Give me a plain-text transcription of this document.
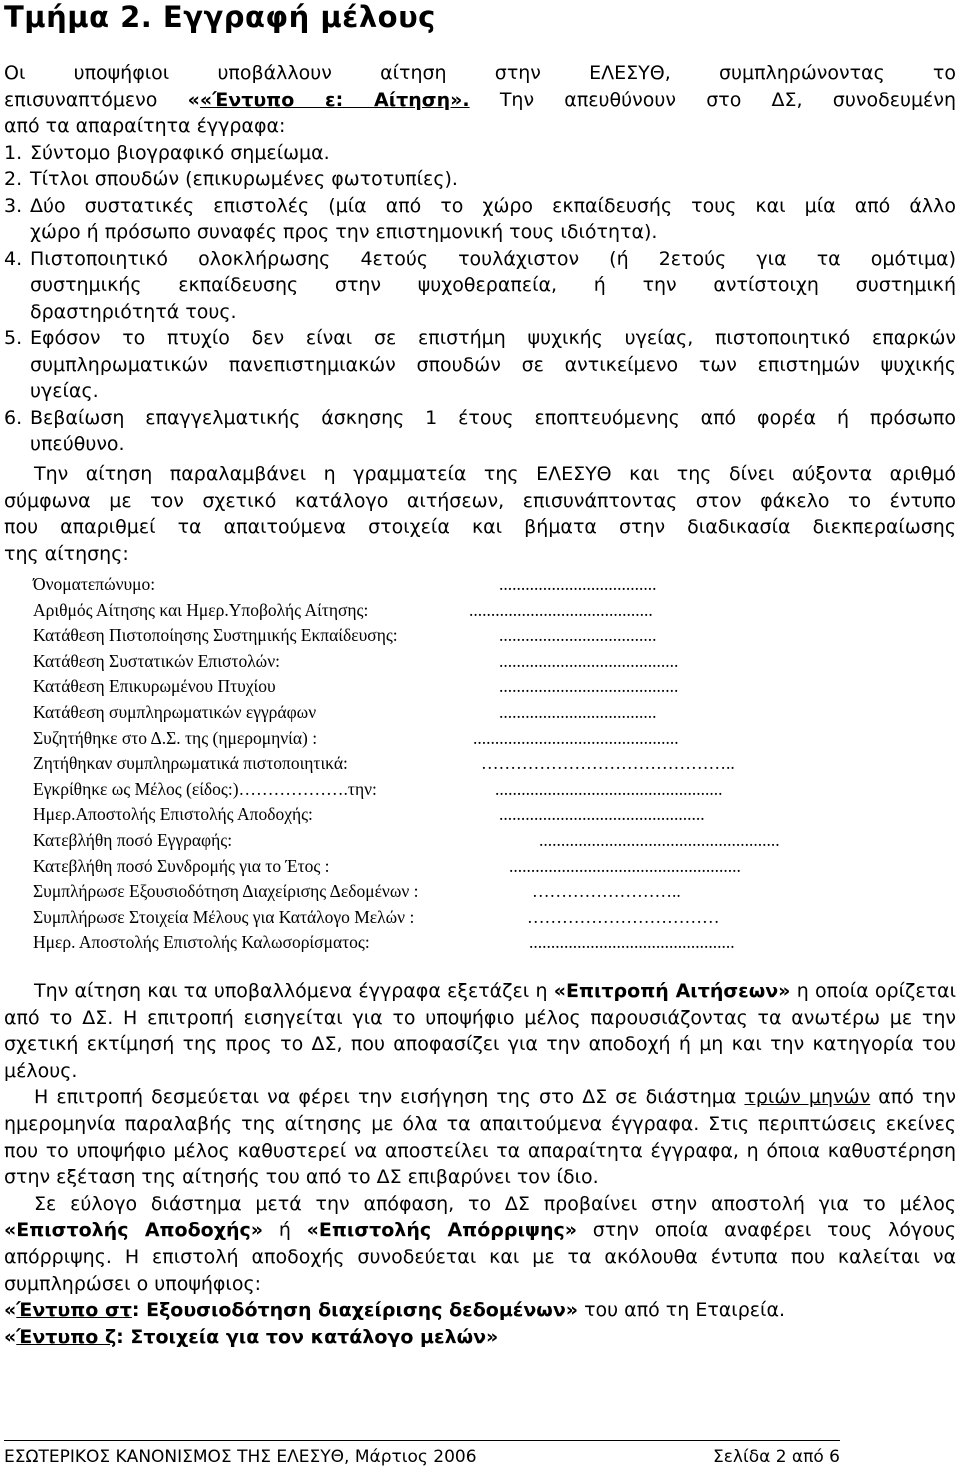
Τμήμα 2. Εγγραφή μέλους
Οι υποψήφιοι υποβάλλουν αίτηση στην ΕΛΕΣΥΘ, συμπληρώνοντας το
επισυναπτόμενο ««Έντυπο ε: Αίτηση». Την απευθύνουν στο ΔΣ, συνοδευμένη
από τα απαραίτητα έγγραφα:
1. Σύντομο βιογραφικό σημείωμα.
2. Τίτλοι σπουδών (επικυρωμένες φωτοτυπίες).
3. Δύο συστατικές επιστολές (μία από το χώρο εκπαίδευσής τους και μία από άλλο
χώρο ή πρόσωπο συναφές προς την επιστημονική τους ιδιότητα).
4. Πιστοποιητικό ολοκλήρωσης 4ετούς τουλάχιστον (ή 2ετούς για τα ομότιμα)
συστημικής εκπαίδευσης στην ψυχοθεραπεία, ή την αντίστοιχη συστημική
δραστηριότητά τους.
5. Εφόσον το πτυχίο δεν είναι σε επιστήμη ψυχικής υγείας, πιστοποιητικό επαρκών
συμπληρωματικών πανεπιστημιακών σπουδών σε αντικείμενο των επιστημών ψυχικής
υγείας.
6. Βεβαίωση επαγγελματικής άσκησης 1 έτους εποπτευόμενης από φορέα ή πρόσωπο
υπεύθυνο.
Την αίτηση παραλαμβάνει η γραμματεία της ΕΛΕΣΥΘ και της δίνει αύξοντα αριθμό
σύμφωνα με τον σχετικό κατάλογο αιτήσεων, επισυνάπτοντας στον φάκελο το έντυπο
που απαριθμεί τα απαιτούμενα στοιχεία και βήματα στην διαδικασία διεκπεραίωσης
της αίτησης:
Όνοματεπώνυμο:	....................................
Αριθμός Αίτησης και Ημερ.Υποβολής Αίτησης:	..........................................
Κατάθεση Πιστοποίησης Συστημικής Εκπαίδευσης:	....................................
Κατάθεση Συστατικών Επιστολών:	.........................................
Κατάθεση Επικυρωμένου Πτυχίου	.........................................
Κατάθεση συμπληρωματικών εγγράφων	....................................
Συζητήθηκε στο Δ.Σ. της (ημερομηνία) :	...............................................
Ζητήθηκαν συμπληρωματικά πιστοποιητικά:	……………………………………..
Εγκρίθηκε ως Μέλος (είδος:)……………….την:	....................................................
Ημερ.Αποστολής Επιστολής Αποδοχής:	...............................................
Κατεβλήθη ποσό Εγγραφής:	.......................................................
Κατεβλήθη ποσό Συνδρομής για το Έτος :	.....................................................
Συμπλήρωσε Εξουσιοδότηση Διαχείρισης Δεδομένων :	……………………..
Συμπλήρωσε Στοιχεία Μέλους για Κατάλογο Μελών :	……………………………
Ημερ. Αποστολής Επιστολής Καλωσορίσματος:	...............................................

Την αίτηση και τα υποβαλλόμενα έγγραφα εξετάζει η «Επιτροπή Αιτήσεων» η οποία ορίζεται από το ΔΣ. Η επιτροπή εισηγείται για το υποψήφιο μέλος παρουσιάζοντας τα ανωτέρω με την σχετική εκτίμησή της προς το ΔΣ, που αποφασίζει για την αποδοχή ή μη και την κατηγορία του μέλους.

Η επιτροπή δεσμεύεται να φέρει την εισήγηση της στο ΔΣ σε διάστημα τριών μηνών από την ημερομηνία παραλαβής της αίτησης με όλα τα απαιτούμενα έγγραφα. Στις περιπτώσεις εκείνες που το υποψήφιο μέλος καθυστερεί να αποστείλει τα απαραίτητα έγγραφα, η όποια καθυστέρηση στην εξέταση της αίτησής του από το ΔΣ επιβαρύνει τον ίδιο.

Σε εύλογο διάστημα μετά την απόφαση, το ΔΣ προβαίνει στην αποστολή για το μέλος «Επιστολής Αποδοχής» ή «Επιστολής Απόρριψης» στην οποία αναφέρει τους λόγους απόρριψης. Η επιστολή αποδοχής συνοδεύεται και με τα ακόλουθα έντυπα που καλείται να συμπληρώσει ο υποψήφιος:

«Έντυπο στ: Εξουσιοδότηση διαχείρισης δεδομένων» του από τη Εταιρεία.

«Έντυπο ζ: Στοιχεία για τον κατάλογο μελών»

ΕΣΩΤΕΡΙΚΟΣ ΚΑΝΟΝΙΣΜΟΣ ΤΗΣ ΕΛΕΣΥΘ, Μάρτιος 2006	Σελίδα 2 από 6
